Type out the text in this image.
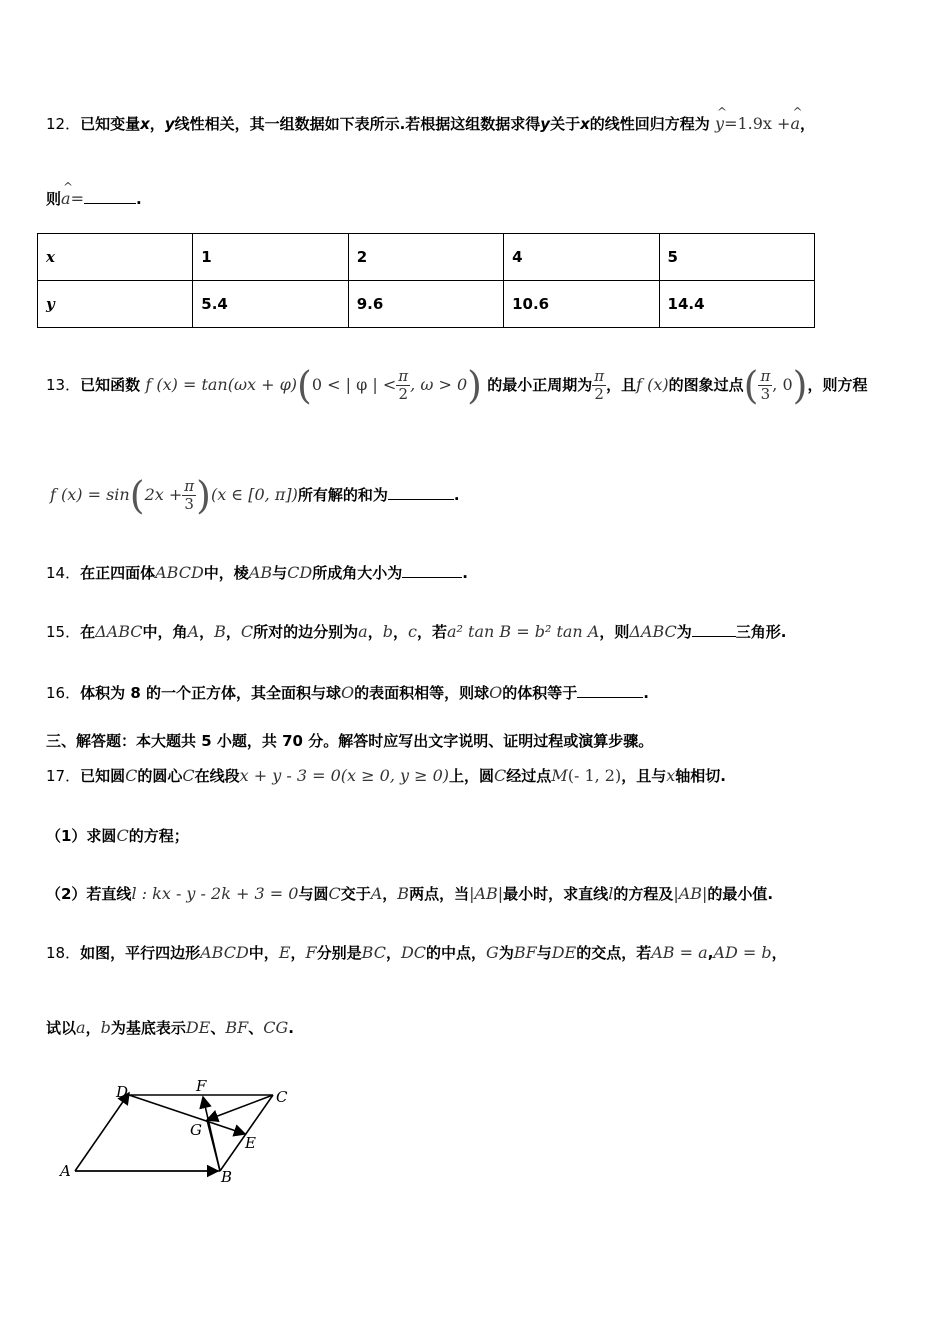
12．已知变量x，y线性相关，其一组数据如下表所示.若根据这组数据求得y关于x的线性回归方程为 ^ y=1.9x +^ a，
则^ a=	.
x	1	2	4	5
y	5.4	9.6	10.6	14.4
13．已知函数 f (x) = tan(ωx + φ)(0 < | φ | < $\frac{\pi}{2}$ , ω > 0) 的最小正周期为 $\frac{\pi}{2}$ ，且f (x)的图象过点( $\frac{\pi}{3}$ , 0)，则方程
f $(x) = \sin(2x + \frac{\pi}{3} )(x$ ∈ [0, π])所有解的和为	.
14．在正四面体ABCD中，棱AB与CD所成角大小为	.
15．在ΔABC中，角A，B，C所对的边分别为a，b，c，若a² tan B = b² tan A，则ΔABC为	三角形.
16．体积为 8 的一个正方体，其全面积与球O的表面积相等，则球O的体积等于	.
三、解答题：本大题共 5 小题，共 70 分。解答时应写出文字说明、证明过程或演算步骤。
17．已知圆C的圆心C在线段x + y - 3 = 0(x ≥ 0, y ≥ 0)上，圆C经过点M(- 1, 2)，且与x轴相切.
（1）求圆C的方程；
（2）若直线l : kx - y - 2k + 3 = 0与圆C交于A，B两点，当|AB|最小时，求直线l的方程及|AB|的最小值.
18．如图，平行四边形ABCD中，E，F分别是BC，DC的中点，G为BF与DE的交点，若AB = a,AD = b，
试以a，b为基底表示DE、BF、CG.
A	B
C
D
E
F
G
